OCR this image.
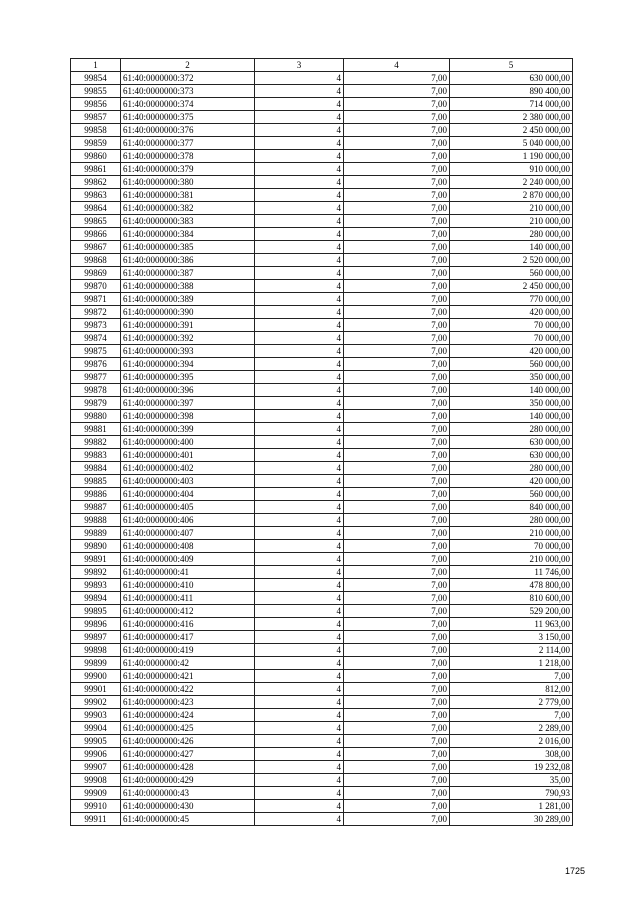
1	2	3	4	5
99854	61:40:0000000:372	4	7,00	630 000,00
99855	61:40:0000000:373	4	7,00	890 400,00
99856	61:40:0000000:374	4	7,00	714 000,00
99857	61:40:0000000:375	4	7,00	2 380 000,00
99858	61:40:0000000:376	4	7,00	2 450 000,00
99859	61:40:0000000:377	4	7,00	5 040 000,00
99860	61:40:0000000:378	4	7,00	1 190 000,00
99861	61:40:0000000:379	4	7,00	910 000,00
99862	61:40:0000000:380	4	7,00	2 240 000,00
99863	61:40:0000000:381	4	7,00	2 870 000,00
99864	61:40:0000000:382	4	7,00	210 000,00
99865	61:40:0000000:383	4	7,00	210 000,00
99866	61:40:0000000:384	4	7,00	280 000,00
99867	61:40:0000000:385	4	7,00	140 000,00
99868	61:40:0000000:386	4	7,00	2 520 000,00
99869	61:40:0000000:387	4	7,00	560 000,00
99870	61:40:0000000:388	4	7,00	2 450 000,00
99871	61:40:0000000:389	4	7,00	770 000,00
99872	61:40:0000000:390	4	7,00	420 000,00
99873	61:40:0000000:391	4	7,00	70 000,00
99874	61:40:0000000:392	4	7,00	70 000,00
99875	61:40:0000000:393	4	7,00	420 000,00
99876	61:40:0000000:394	4	7,00	560 000,00
99877	61:40:0000000:395	4	7,00	350 000,00
99878	61:40:0000000:396	4	7,00	140 000,00
99879	61:40:0000000:397	4	7,00	350 000,00
99880	61:40:0000000:398	4	7,00	140 000,00
99881	61:40:0000000:399	4	7,00	280 000,00
99882	61:40:0000000:400	4	7,00	630 000,00
99883	61:40:0000000:401	4	7,00	630 000,00
99884	61:40:0000000:402	4	7,00	280 000,00
99885	61:40:0000000:403	4	7,00	420 000,00
99886	61:40:0000000:404	4	7,00	560 000,00
99887	61:40:0000000:405	4	7,00	840 000,00
99888	61:40:0000000:406	4	7,00	280 000,00
99889	61:40:0000000:407	4	7,00	210 000,00
99890	61:40:0000000:408	4	7,00	70 000,00
99891	61:40:0000000:409	4	7,00	210 000,00
99892	61:40:0000000:41	4	7,00	11 746,00
99893	61:40:0000000:410	4	7,00	478 800,00
99894	61:40:0000000:411	4	7,00	810 600,00
99895	61:40:0000000:412	4	7,00	529 200,00
99896	61:40:0000000:416	4	7,00	11 963,00
99897	61:40:0000000:417	4	7,00	3 150,00
99898	61:40:0000000:419	4	7,00	2 114,00
99899	61:40:0000000:42	4	7,00	1 218,00
99900	61:40:0000000:421	4	7,00	7,00
99901	61:40:0000000:422	4	7,00	812,00
99902	61:40:0000000:423	4	7,00	2 779,00
99903	61:40:0000000:424	4	7,00	7,00
99904	61:40:0000000:425	4	7,00	2 289,00
99905	61:40:0000000:426	4	7,00	2 016,00
99906	61:40:0000000:427	4	7,00	308,00
99907	61:40:0000000:428	4	7,00	19 232,08
99908	61:40:0000000:429	4	7,00	35,00
99909	61:40:0000000:43	4	7,00	790,93
99910	61:40:0000000:430	4	7,00	1 281,00
99911	61:40:0000000:45	4	7,00	30 289,00
1725
